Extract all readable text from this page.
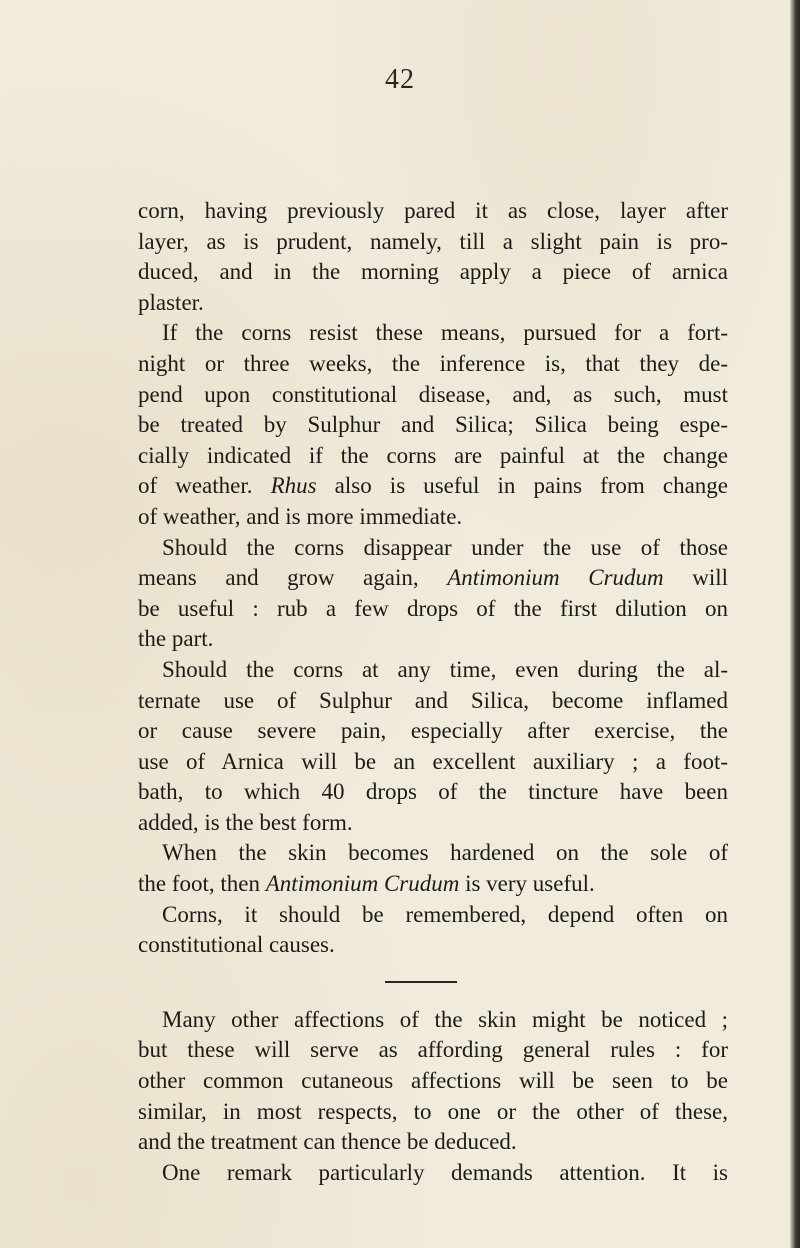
42
corn, having previously pared it as close, layer after
layer, as is prudent, namely, till a slight pain is pro-
duced, and in the morning apply a piece of arnica
plaster.
If the corns resist these means, pursued for a fort-
night or three weeks, the inference is, that they de-
pend upon constitutional disease, and, as such, must
be treated by Sulphur and Silica; Silica being espe-
cially indicated if the corns are painful at the change
of weather. Rhus also is useful in pains from change
of weather, and is more immediate.
Should the corns disappear under the use of those
means and grow again, Antimonium Crudum will
be useful : rub a few drops of the first dilution on
the part.
Should the corns at any time, even during the al-
ternate use of Sulphur and Silica, become inflamed
or cause severe pain, especially after exercise, the
use of Arnica will be an excellent auxiliary ; a foot-
bath, to which 40 drops of the tincture have been
added, is the best form.
When the skin becomes hardened on the sole of
the foot, then Antimonium Crudum is very useful.
Corns, it should be remembered, depend often on
constitutional causes.
Many other affections of the skin might be noticed ;
but these will serve as affording general rules : for
other common cutaneous affections will be seen to be
similar, in most respects, to one or the other of these,
and the treatment can thence be deduced.
One remark particularly demands attention. It is
